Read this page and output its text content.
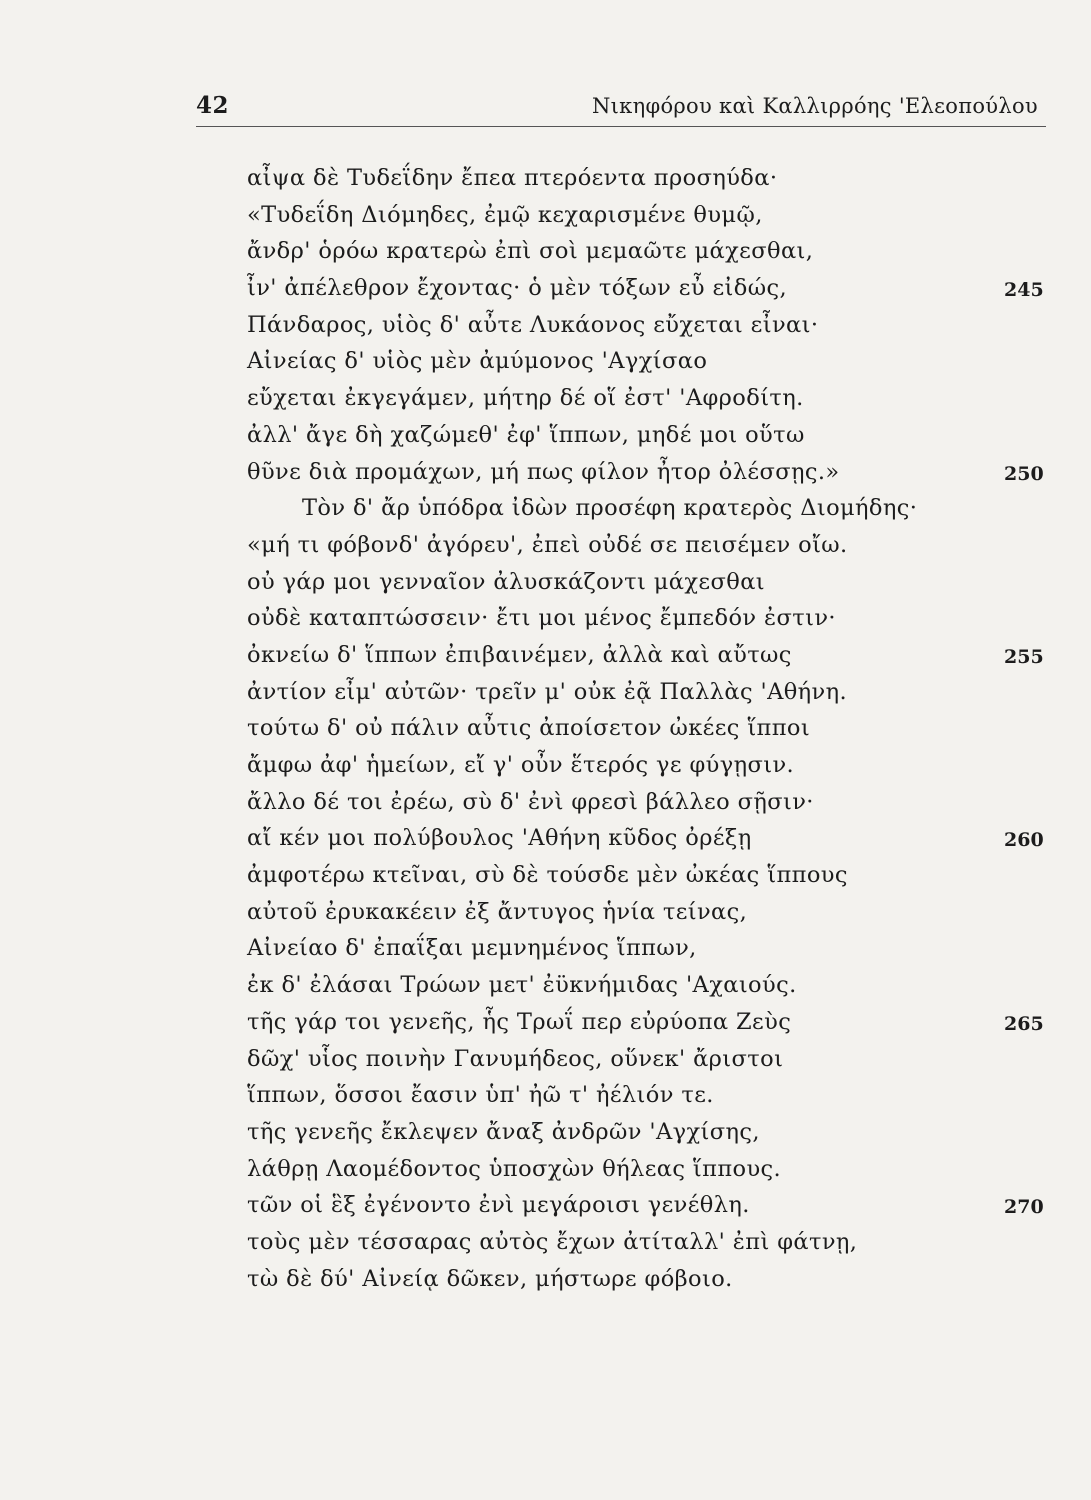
42	Νικηφόρου καὶ Καλλιρρόης 'Ελεοπούλου
αἶψα δὲ Τυδεΐδην ἔπεα πτερόεντα προσηύδα·
«Τυδεΐδη Διόμηδες, ἐμῷ κεχαρισμένε θυμῷ,
ἄνδρ' ὁρόω κρατερὼ ἐπὶ σοὶ μεμαῶτε μάχεσθαι,
ἶν' ἀπέλεθρον ἔχοντας· ὁ μὲν τόξων εὖ εἰδώς,	245
Πάνδαρος, υἱὸς δ' αὖτε Λυκάονος εὔχεται εἶναι·
Αἰνείας δ' υἱὸς μὲν ἀμύμονος 'Αγχίσαο
εὔχεται ἐκγεγάμεν, μήτηρ δέ οἵ ἐστ' 'Αφροδίτη.
ἀλλ' ἄγε δὴ χαζώμεθ' ἐφ' ἵππων, μηδέ μοι οὕτω
θῦνε διὰ προμάχων, μή πως φίλον ἦτορ ὀλέσσῃς.»	250
Τὸν δ' ἄρ ὑπόδρα ἰδὼν προσέφη κρατερὸς Διομήδης·
«μή τι φόβονδ' ἀγόρευ', ἐπεὶ οὐδέ σε πεισέμεν οἴω.
οὐ γάρ μοι γενναῖον ἀλυσκάζοντι μάχεσθαι
οὐδὲ καταπτώσσειν· ἔτι μοι μένος ἔμπεδόν ἐστιν·
ὀκνείω δ' ἵππων ἐπιβαινέμεν, ἀλλὰ καὶ αὔτως	255
ἀντίον εἶμ' αὐτῶν· τρεῖν μ' οὐκ ἐᾷ Παλλὰς 'Αθήνη.
τούτω δ' οὐ πάλιν αὖτις ἀποίσετον ὠκέες ἵπποι
ἄμφω ἀφ' ἡμείων, εἴ γ' οὖν ἕτερός γε φύγῃσιν.
ἄλλο δέ τοι ἐρέω, σὺ δ' ἐνὶ φρεσὶ βάλλεο σῇσιν·
αἴ κέν μοι πολύβουλος 'Αθήνη κῦδος ὀρέξῃ	260
ἀμφοτέρω κτεῖναι, σὺ δὲ τούσδε μὲν ὠκέας ἵππους
αὐτοῦ ἐρυκακέειν ἐξ ἄντυγος ἡνία τείνας,
Αἰνείαο δ' ἐπαΐξαι μεμνημένος ἵππων,
ἐκ δ' ἐλάσαι Τρώων μετ' ἐϋκνήμιδας 'Αχαιούς.
τῆς γάρ τοι γενεῆς, ἧς Τρωΐ περ εὐρύοπα Ζεὺς	265
δῶχ' υἷος ποινὴν Γανυμήδεος, οὕνεκ' ἄριστοι
ἵππων, ὅσσοι ἔασιν ὑπ' ἠῶ τ' ἠέλιόν τε.
τῆς γενεῆς ἔκλεψεν ἄναξ ἀνδρῶν 'Αγχίσης,
λάθρῃ Λαομέδοντος ὑποσχὼν θήλεας ἵππους.
τῶν οἱ ἓξ ἐγένοντο ἐνὶ μεγάροισι γενέθλη.	270
τοὺς μὲν τέσσαρας αὐτὸς ἔχων ἀτίταλλ' ἐπὶ φάτνῃ,
τὼ δὲ δύ' Αἰνείᾳ δῶκεν, μήστωρε φόβοιο.
